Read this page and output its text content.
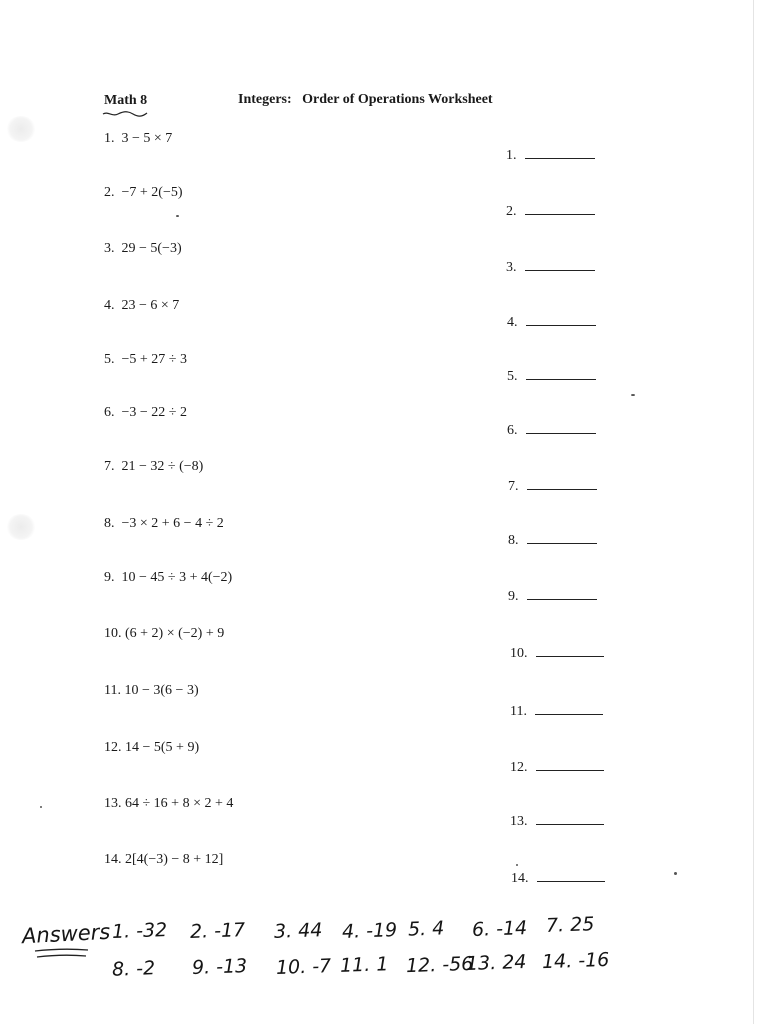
Math 8	Integers:   Order of Operations Worksheet
1. 3 − 5 × 7
2. −7 + 2(−5)
3. 29 − 5(−3)
4. 23 − 6 × 7
5. −5 + 27 ÷ 3
6. −3 − 22 ÷ 2
7. 21 − 32 ÷ (−8)
8. −3 × 2 + 6 − 4 ÷ 2
9. 10 − 45 ÷ 3 + 4(−2)
10. (6 + 2) × (−2) + 9
11. 10 − 3(6 − 3)
12. 14 − 5(5 + 9)
13. 64 ÷ 16 + 8 × 2 + 4
14. 2[4(−3) − 8 + 12]
1.
2.
3.
4.
5.
6.
7.
8.
9.
10.
11.
12.
13.
14.
Answers 1. -32 2. -17 3. 44 4. -19 5. 4 6. -14 7. 25
8. -2 9. -13 10. -7 11. 1 12. -56
13. 24 14. -16
